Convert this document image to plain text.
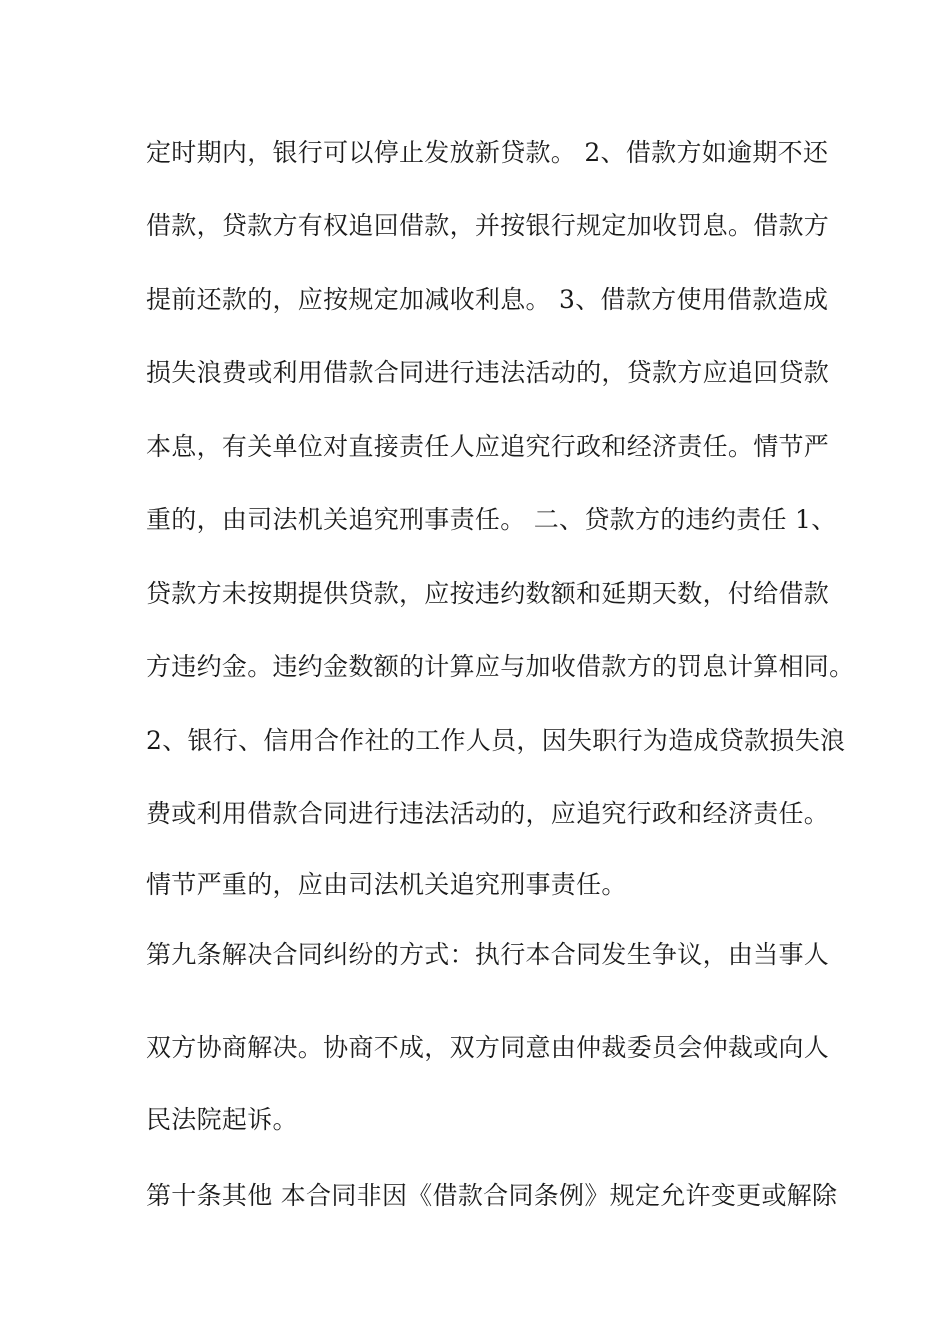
定时期内，银行可以停止发放新贷款。 2、借款方如逾期不还
借款，贷款方有权追回借款，并按银行规定加收罚息。借款方
提前还款的，应按规定加减收利息。 3、借款方使用借款造成
损失浪费或利用借款合同进行违法活动的，贷款方应追回贷款
本息，有关单位对直接责任人应追究行政和经济责任。情节严
重的，由司法机关追究刑事责任。 二、贷款方的违约责任 1、
贷款方未按期提供贷款，应按违约数额和延期天数，付给借款
方违约金。违约金数额的计算应与加收借款方的罚息计算相同。
2、银行、信用合作社的工作人员，因失职行为造成贷款损失浪
费或利用借款合同进行违法活动的，应追究行政和经济责任。
情节严重的，应由司法机关追究刑事责任。
第九条解决合同纠纷的方式：执行本合同发生争议，由当事人
双方协商解决。协商不成，双方同意由仲裁委员会仲裁或向人
民法院起诉。
第十条其他 本合同非因《借款合同条例》规定允许变更或解除
